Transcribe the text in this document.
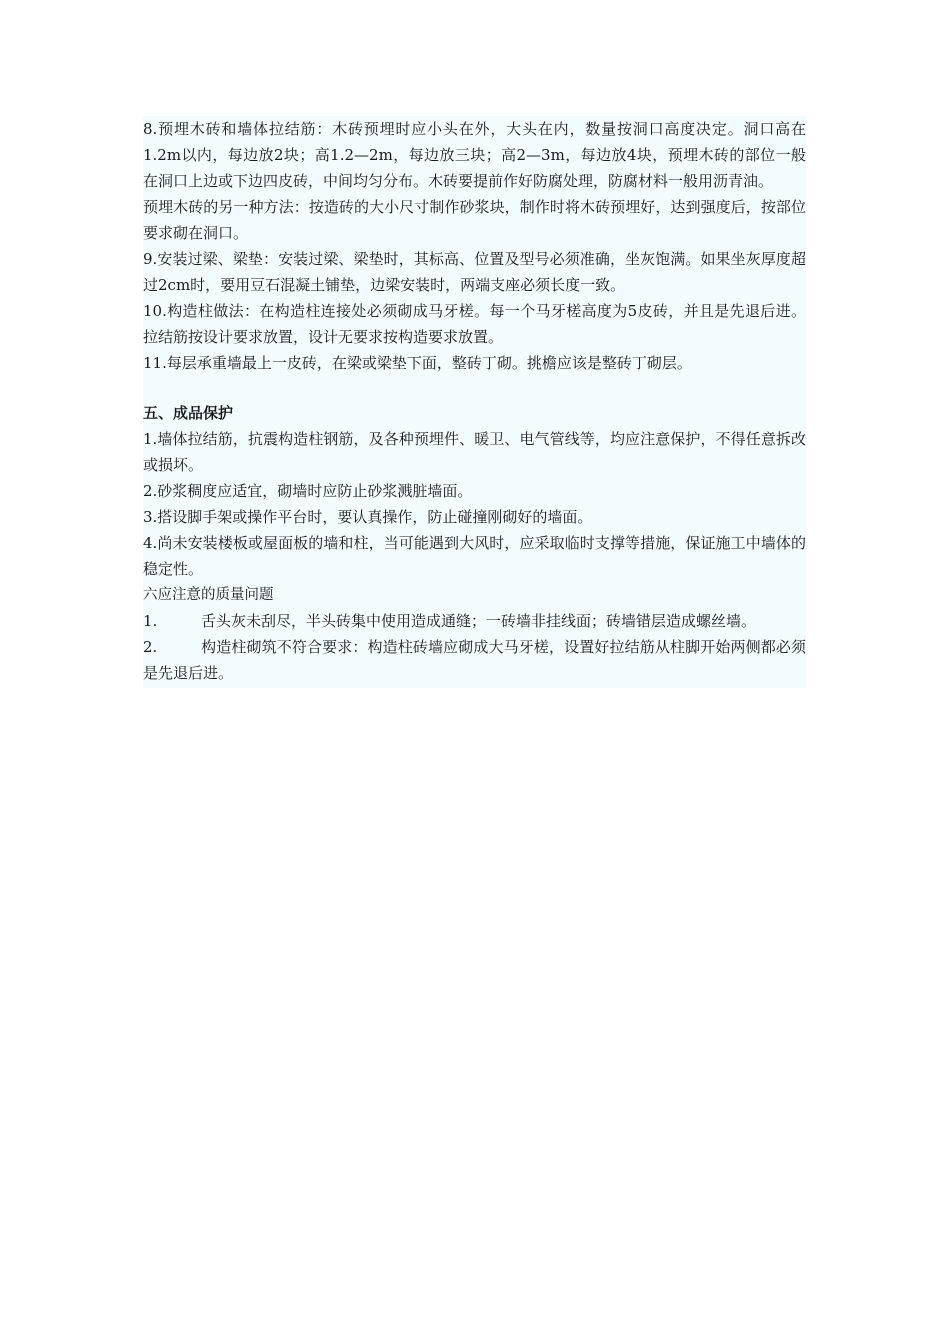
8.预埋木砖和墙体拉结筋：木砖预埋时应小头在外，大头在内，数量按洞口高度决定。洞口高在1.2m以内，每边放2块；高1.2—2m，每边放三块；高2—3m，每边放4块，预埋木砖的部位一般在洞口上边或下边四皮砖，中间均匀分布。木砖要提前作好防腐处理，防腐材料一般用沥青油。

预埋木砖的另一种方法：按造砖的大小尺寸制作砂浆块，制作时将木砖预埋好，达到强度后，按部位要求砌在洞口。

9.安装过梁、梁垫：安装过梁、梁垫时，其标高、位置及型号必须准确，坐灰饱满。如果坐灰厚度超过2cm时，要用豆石混凝土铺垫，边梁安装时，两端支座必须长度一致。

10.构造柱做法：在构造柱连接处必须砌成马牙槎。每一个马牙槎高度为5皮砖，并且是先退后进。拉结筋按设计要求放置，设计无要求按构造要求放置。

11.每层承重墙最上一皮砖，在梁或梁垫下面，整砖丁砌。挑檐应该是整砖丁砌层。

五、成品保护

1.墙体拉结筋，抗震构造柱钢筋，及各种预埋件、暖卫、电气管线等，均应注意保护，不得任意拆改或损坏。

2.砂浆稠度应适宜，砌墙时应防止砂浆溅脏墙面。

3.搭设脚手架或操作平台时，要认真操作，防止碰撞刚砌好的墙面。

4.尚未安装楼板或屋面板的墙和柱，当可能遇到大风时，应采取临时支撑等措施，保证施工中墙体的稳定性。

六应注意的质量问题

1.	舌头灰未刮尽，半头砖集中使用造成通缝；一砖墙非挂线面；砖墙错层造成螺丝墙。
2.	构造柱砌筑不符合要求：构造柱砖墙应砌成大马牙槎，设置好拉结筋从柱脚开始两侧都必须是先退后进。
